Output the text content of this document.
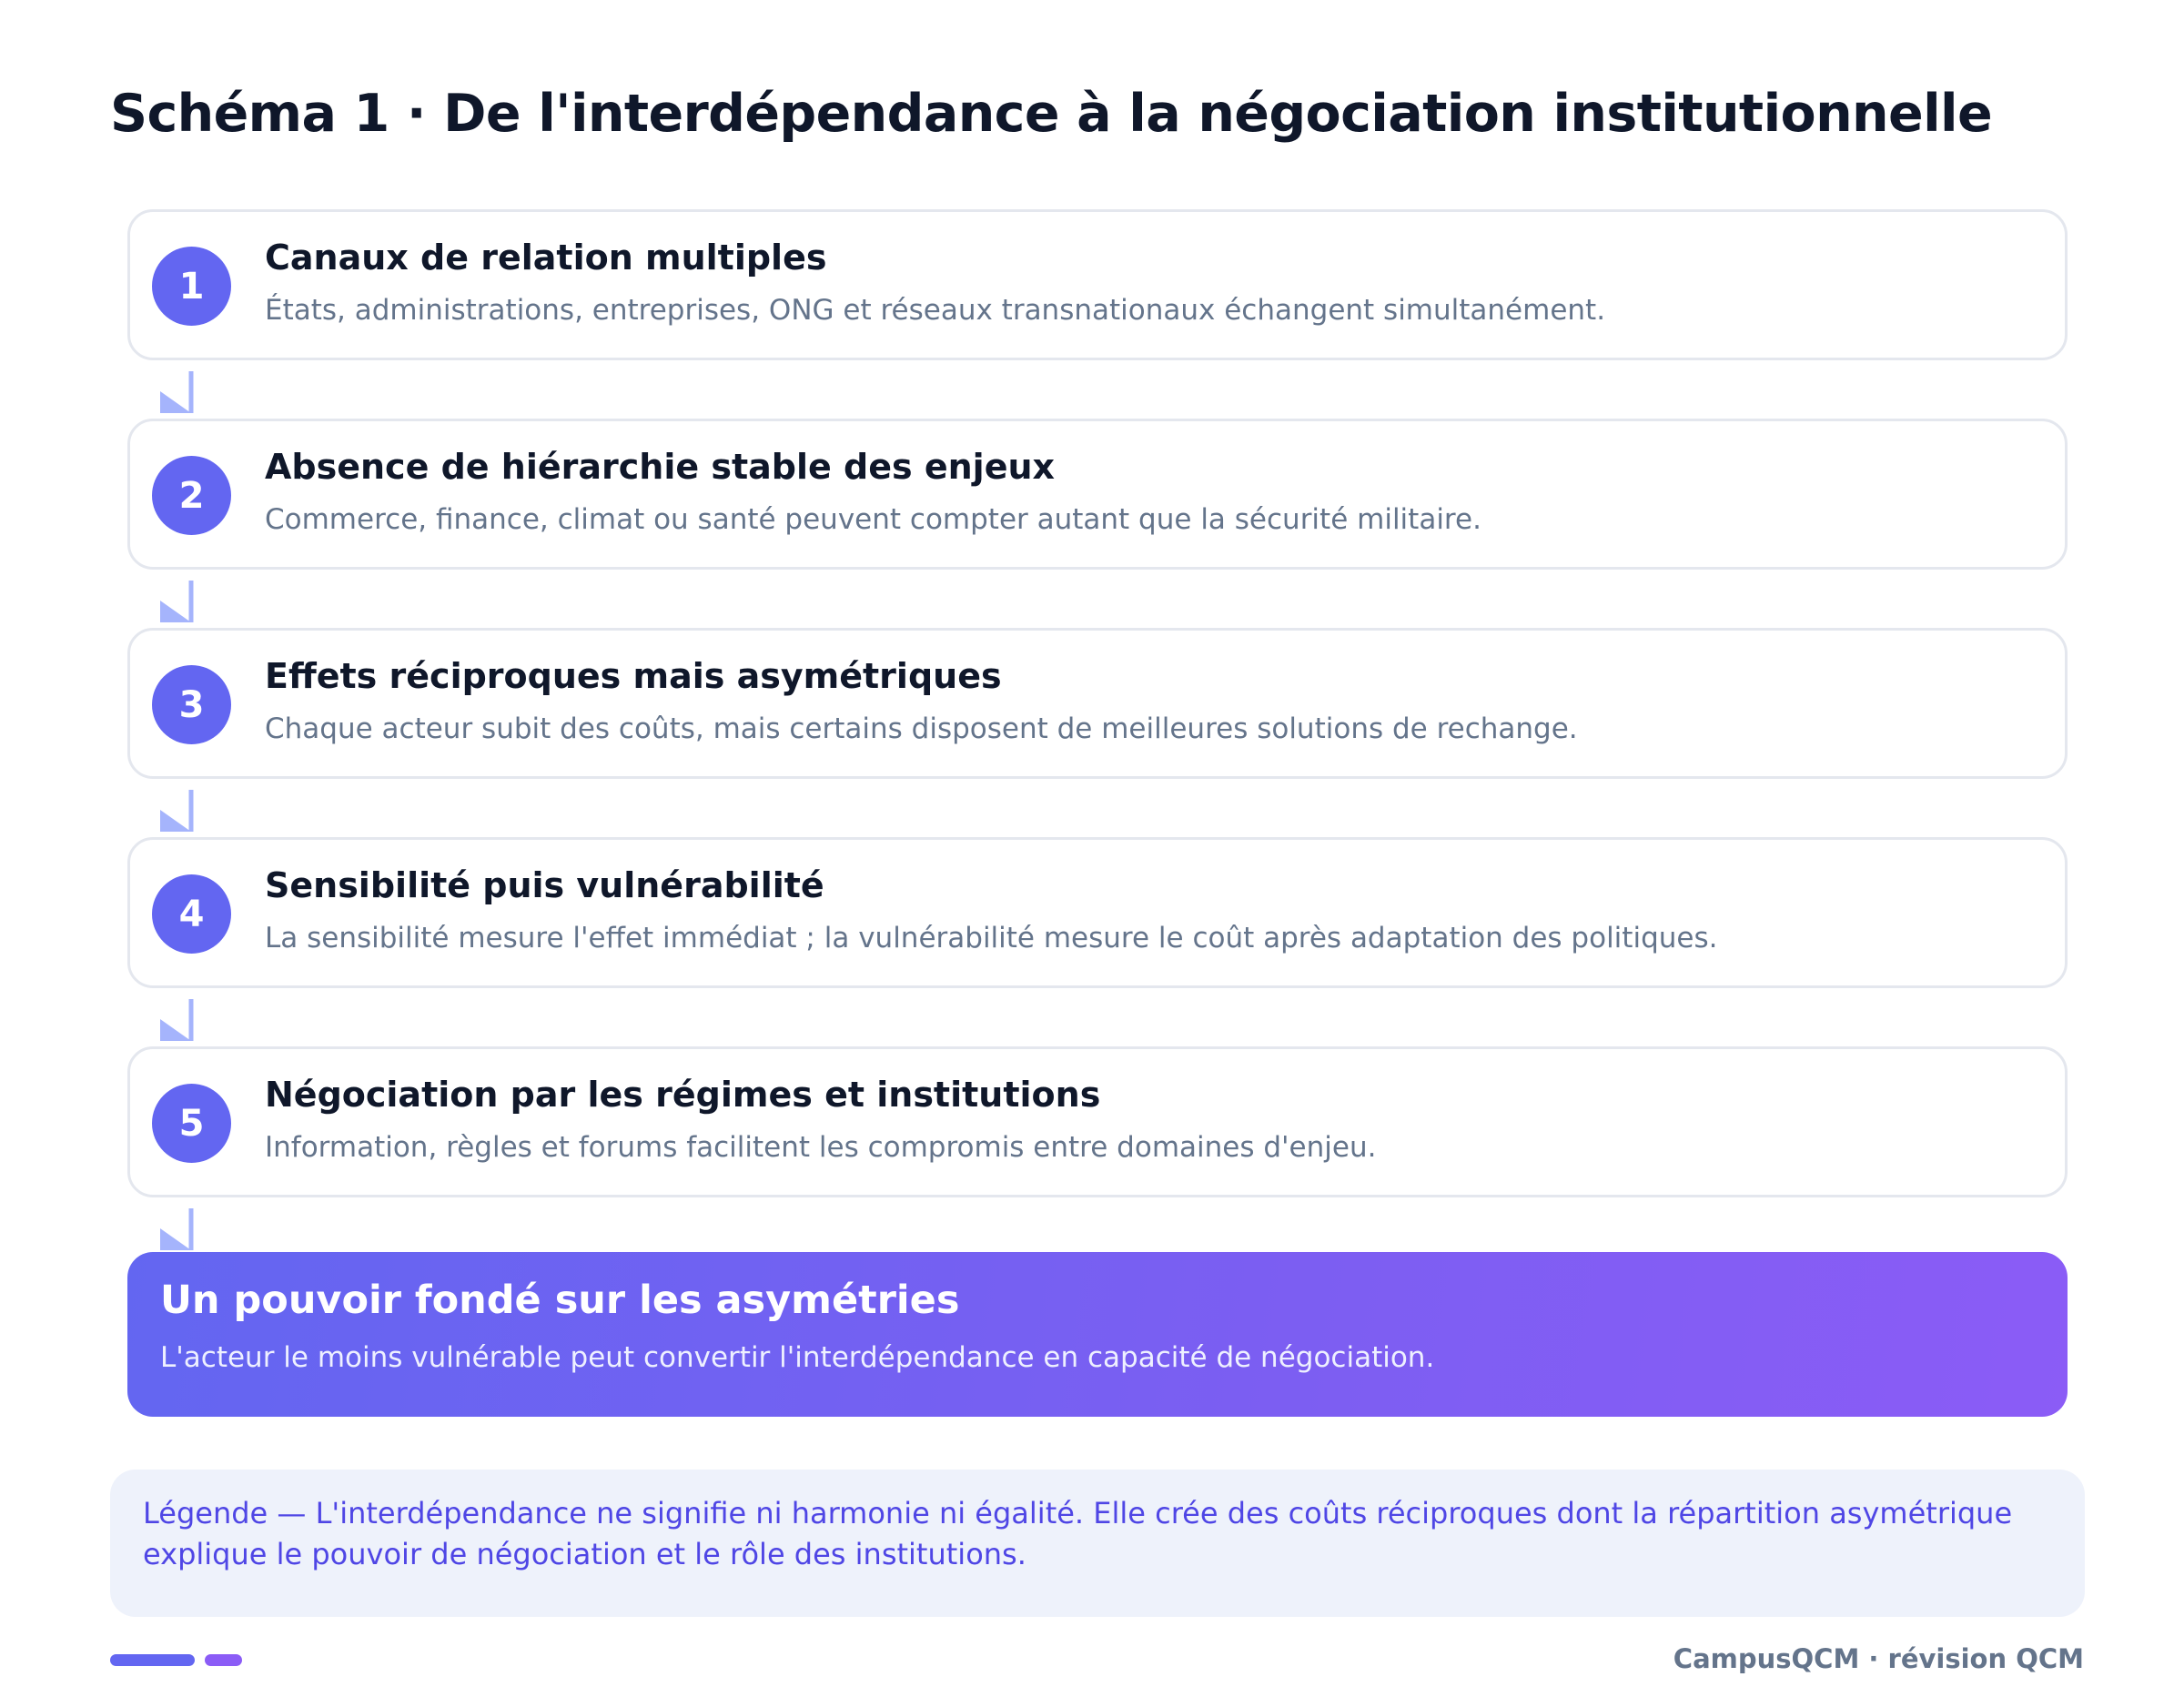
Schéma 1 · De l'interdépendance à la négociation institutionnelle
1
Canaux de relation multiples
États, administrations, entreprises, ONG et réseaux transnationaux échangent simultanément.
2
Absence de hiérarchie stable des enjeux
Commerce, finance, climat ou santé peuvent compter autant que la sécurité militaire.
3
Effets réciproques mais asymétriques
Chaque acteur subit des coûts, mais certains disposent de meilleures solutions de rechange.
4
Sensibilité puis vulnérabilité
La sensibilité mesure l'effet immédiat ; la vulnérabilité mesure le coût après adaptation des politiques.
5
Négociation par les régimes et institutions
Information, règles et forums facilitent les compromis entre domaines d'enjeu.
Un pouvoir fondé sur les asymétries
L'acteur le moins vulnérable peut convertir l'interdépendance en capacité de négociation.
Légende — L'interdépendance ne signifie ni harmonie ni égalité. Elle crée des coûts réciproques dont la répartition asymétrique explique le pouvoir de négociation et le rôle des institutions.
CampusQCM · révision QCM
